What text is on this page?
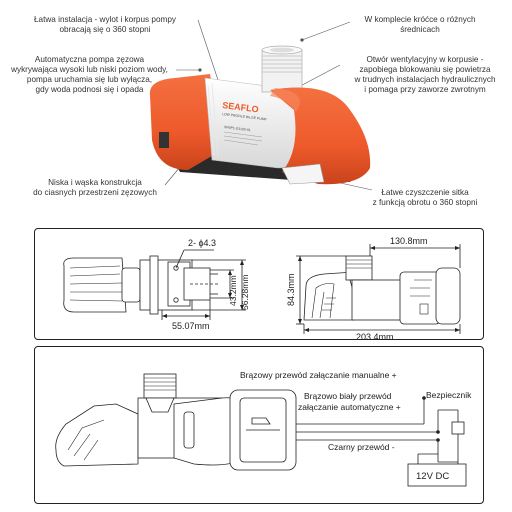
Łatwa instalacja - wylot i korpus pompy
obracają się o 360 stopni
W komplecie króćce o różnych
średnicach
Automatyczna pompa zęzowa
wykrywająca wysoki lub niski poziom wody,
pompa uruchamia się lub wyłącza,
gdy woda podnosi się i opada
Otwór wentylacyjny w korpusie -
zapobiega blokowaniu się powietrza
w trudnych instalacjach hydraulicznych
i pomaga przy zaworze zwrotnym
Niska i wąska konstrukcja
do ciasnych przestrzeni zęzowych	Łatwe czyszczenie sitka
z funkcją obrotu o 360 stopni
SEAFLO
LOW PROFILE BILGE PUMP
SFBP1-G1100-01
2- ϕ4.3
43.2mm 56.28mm
55.07mm
130.8mm
84.3mm
203.4mm
Brązowy przewód załączanie manualne +
Brązowo biały przewód
załączanie automatyczne +
Bezpiecznik
Czarny przewód -
12V DC
